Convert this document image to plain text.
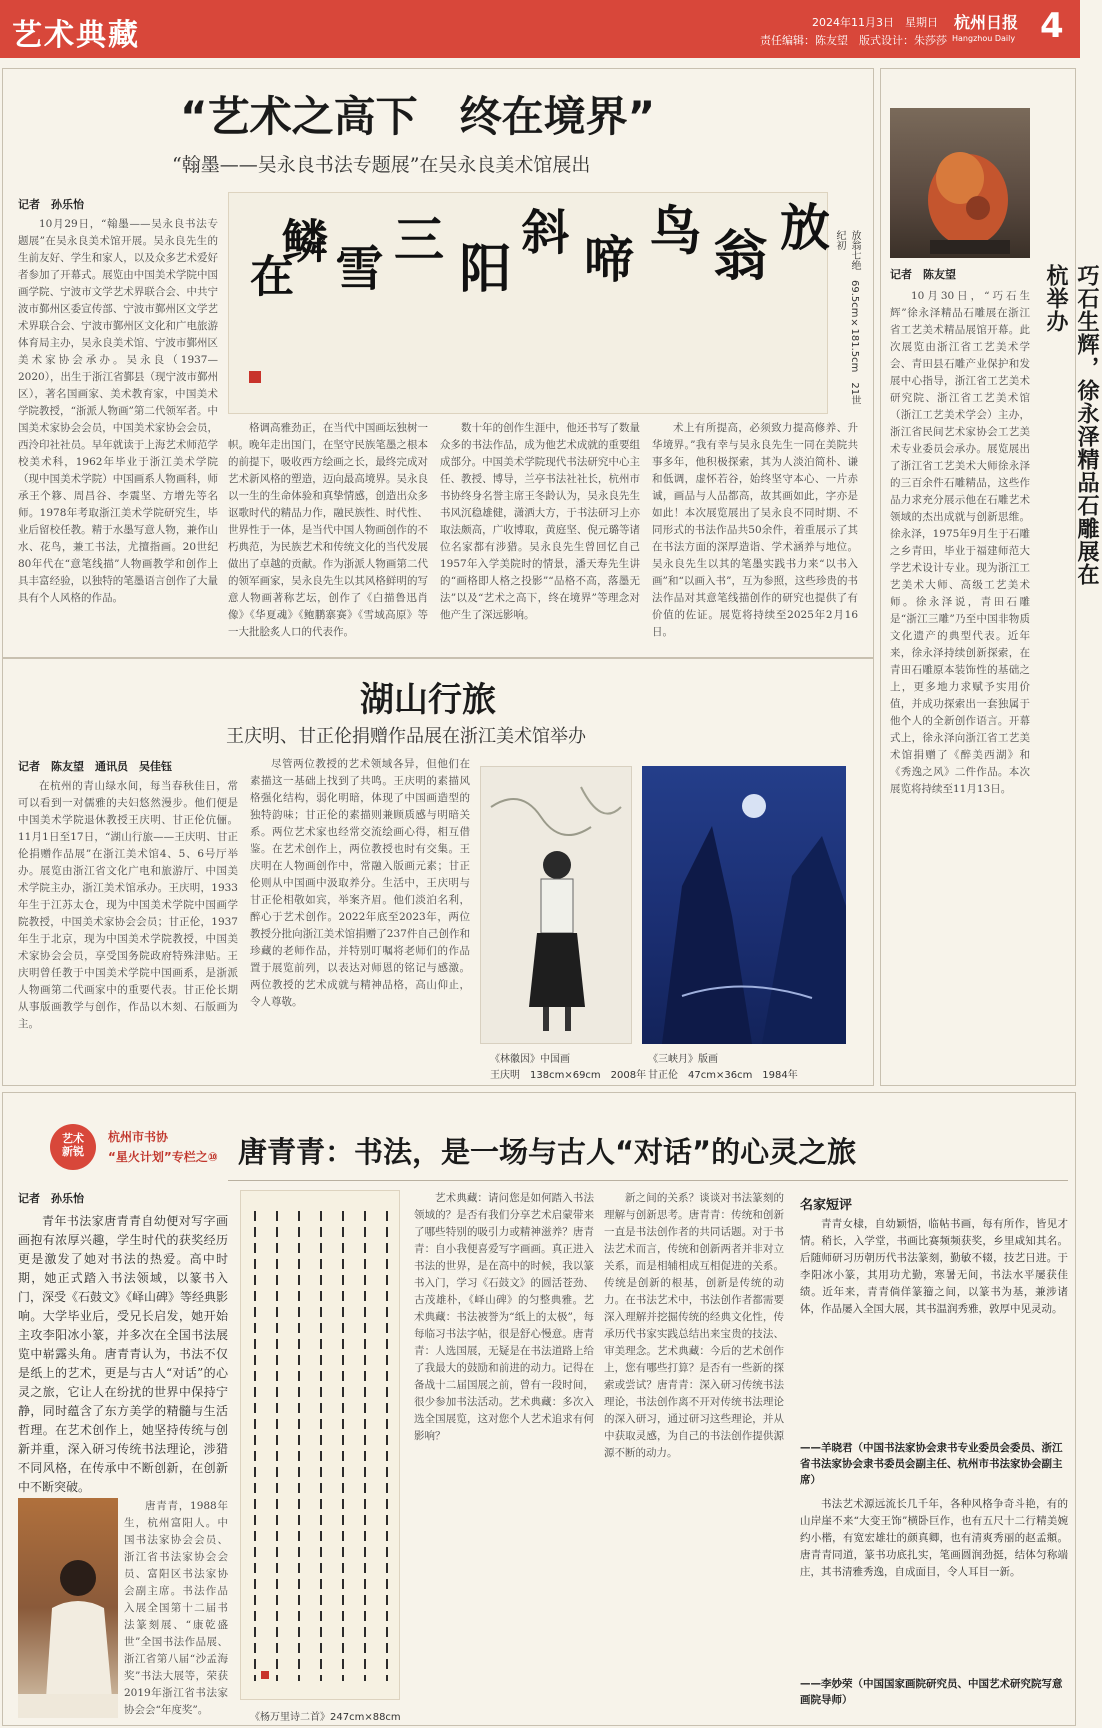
艺术典藏	2024年11月3日　星期日
责任编辑：陈友望　版式设计：朱莎莎
杭州日报
Hangzhou Daily 4
“艺术之高下　终在境界”
“翰墨——吴永良书法专题展”在吴永良美术馆展出
记者　孙乐怡	放
翁
鸟
啼
斜
阳
三
雪
鳞
在	放翁七绝　69.5cm×181.5cm　21世纪初

10月29日，“翰墨——吴永良书法专题展”在吴永良美术馆开展。吴永良先生的生前友好、学生和家人，以及众多艺术爱好者参加了开幕式。展览由中国美术学院中国画学院、宁波市文学艺术界联合会、中共宁波市鄞州区委宣传部、宁波市鄞州区文学艺术界联合会、宁波市鄞州区文化和广电旅游体育局主办，吴永良美术馆、宁波市鄞州区美术家协会承办。吴永良（1937—2020），出生于浙江省鄞县（现宁波市鄞州区），著名国画家、美术教育家，中国美术学院教授，“浙派人物画”第二代领军者。中国美术家协会会员，中国美术家协会会员，西泠印社社员。早年就读于上海艺术师范学校美术科，1962年毕业于浙江美术学院（现中国美术学院）中国画系人物画科，师承王个簃、周昌谷、李震坚、方增先等名师。1978年考取浙江美术学院研究生，毕业后留校任教。精于水墨写意人物，兼作山水、花鸟，兼工书法，尤擅指画。20世纪80年代在“意笔线描”人物画教学和创作上具丰富经验，以独特的笔墨语言创作了大量具有个人风格的作品。

格调高雅劲正，在当代中国画坛独树一帜。晚年走出国门，在坚守民族笔墨之根本的前提下，吸收西方绘画之长，最终完成对艺术新风格的塑造，迈向最高境界。吴永良以一生的生命体验和真挚情感，创造出众多讴歌时代的精品力作，融民族性、时代性、世界性于一体，是当代中国人物画创作的不朽典范，为民族艺术和传统文化的当代发展做出了卓越的贡献。作为浙派人物画第二代的领军画家，吴永良先生以其风格鲜明的写意人物画著称艺坛，创作了《白描鲁迅肖像》《华夏魂》《鲍鹏寨赛》《雪域高原》等一大批脍炙人口的代表作。

数十年的创作生涯中，他还书写了数量众多的书法作品，成为他艺术成就的重要组成部分。中国美术学院现代书法研究中心主任、教授、博导，兰亭书法社社长，杭州市书协终身名誉主席王冬龄认为，吴永良先生书风沉稳雄健，潇洒大方，于书法研习上亦取法颇高，广收博取，黄庭坚、倪元璐等诸位名家都有涉猎。吴永良先生曾回忆自己1957年入学美院时的情景，潘天寿先生讲的“画格即人格之投影”“品格不高，落墨无法”以及“艺术之高下，终在境界”等理念对他产生了深远影响。

术上有所提高，必须致力提高修养、升华境界。”我有幸与吴永良先生一同在美院共事多年，他积极探索，其为人淡泊简朴、谦和低调，虚怀若谷，始终坚守本心、一片赤诚，画品与人品都高，故其画如此，字亦是如此！本次展览展出了吴永良不同时期、不同形式的书法作品共50余件，着重展示了其在书法方面的深厚造诣、学术涵养与地位。吴永良先生以其的笔墨实践书力来“以书入画”和“以画入书”，互为参照，这些珍贵的书法作品对其意笔线描创作的研究也提供了有价值的佐证。展览将持续至2025年2月16日。

巧石生辉，徐永泽精品石雕展在杭举办
记者　陈友望

10月30日，“巧石生辉”徐永泽精品石雕展在浙江省工艺美术精品展馆开幕。此次展览由浙江省工艺美术学会、青田县石雕产业保护和发展中心指导，浙江省工艺美术研究院、浙江省工艺美术馆（浙江工艺美术学会）主办，浙江省民间艺术家协会工艺美术专业委员会承办。展览展出了浙江省工艺美术大师徐永泽的三百余件石雕精品，这些作品力求充分展示他在石雕艺术领域的杰出成就与创新思维。徐永泽，1975年9月生于石雕之乡青田，毕业于福建师范大学艺术设计专业。现为浙江工艺美术大师、高级工艺美术师。徐永泽说，青田石雕是“浙江三雕”乃至中国非物质文化遗产的典型代表。近年来，徐永泽持续创新探索，在青田石雕原本装饰性的基础之上，更多地力求赋予实用价值，并成功探索出一套独属于他个人的全新创作语言。开幕式上，徐永泽向浙江省工艺美术馆捐赠了《醉美西湖》和《秀逸之风》二件作品。本次展览将持续至11月13日。

湖山行旅
王庆明、甘正伦捐赠作品展在浙江美术馆举办
记者　陈友望　通讯员　吴佳钰

在杭州的青山绿水间，每当春秋佳日，常可以看到一对儒雅的夫妇悠然漫步。他们便是中国美术学院退休教授王庆明、甘正伦伉俪。11月1日至17日，“湖山行旅——王庆明、甘正伦捐赠作品展”在浙江美术馆4、5、6号厅举办。展览由浙江省文化广电和旅游厅、中国美术学院主办，浙江美术馆承办。王庆明，1933年生于江苏太仓，现为中国美术学院中国画学院教授，中国美术家协会会员；甘正伦，1937年生于北京，现为中国美术学院教授，中国美术家协会会员，享受国务院政府特殊津贴。王庆明曾任教于中国美术学院中国画系，是浙派人物画第二代画家中的重要代表。甘正伦长期从事版画教学与创作，作品以木刻、石版画为主。

尽管两位教授的艺术领域各异，但他们在素描这一基础上找到了共鸣。王庆明的素描风格强化结构，弱化明暗，体现了中国画造型的独特韵味；甘正伦的素描则兼顾质感与明暗关系。两位艺术家也经常交流绘画心得，相互借鉴。在艺术创作上，两位教授也时有交集。王庆明在人物画创作中，常融入版画元素；甘正伦则从中国画中汲取养分。生活中，王庆明与甘正伦相敬如宾，举案齐眉。他们淡泊名利，醉心于艺术创作。2022年底至2023年，两位教授分批向浙江美术馆捐赠了237件自己创作和珍藏的老师作品，并特别叮嘱将老师们的作品置于展览前列，以表达对师恩的铭记与感激。两位教授的艺术成就与精神品格，高山仰止，令人尊敬。

《林徽因》中国画
王庆明　138cm×69cm　2008年
《三峡月》版画
甘正伦　47cm×36cm　1984年
艺术
新锐
杭州市书协
“星火计划”专栏之⑩ 唐青青：书法，是一场与古人“对话”的心灵之旅
记者　孙乐怡

青年书法家唐青青自幼便对写字画画抱有浓厚兴趣，学生时代的获奖经历更是激发了她对书法的热爱。高中时期，她正式踏入书法领域，以篆书入门，深受《石鼓文》《峄山碑》等经典影响。大学毕业后，受兄长启发，她开始主攻李阳冰小篆，并多次在全国书法展览中崭露头角。唐青青认为，书法不仅是纸上的艺术，更是与古人“对话”的心灵之旅，它让人在纷扰的世界中保持宁静，同时蕴含了东方美学的精髓与生活哲理。在艺术创作上，她坚持传统与创新并重，深入研习传统书法理论，涉猎不同风格，在传承中不断创新，在创新中不断突破。

唐青青，1988年生，杭州富阳人。中国书法家协会会员、浙江省书法家协会会员、富阳区书法家协会副主席。书法作品入展全国第十二届书法篆刻展、“康乾盛世”全国书法作品展、浙江省第八届“沙孟海奖”书法大展等，荣获2019年浙江省书法家协会会“年度奖”。

《杨万里诗二首》247cm×88cm

艺术典藏：请问您是如何踏入书法领域的？是否有我们分享艺术启蒙带来了哪些特别的吸引力或精神滋养？唐青青：自小我便喜爱写字画画。真正进入书法的世界，是在高中的时候，我以篆书入门，学习《石鼓文》的圆活苍劲、古茂雄朴，《峄山碑》的匀整典雅。艺术典藏：书法被誉为“纸上的太极”，每每临习书法字帖，很是舒心慢意。唐青青：人选国展，无疑是在书法道路上给了我最大的鼓励和前进的动力。记得在备战十二届国展之前，曾有一段时间，很少参加书法活动。艺术典藏：多次入选全国展览，这对您个人艺术追求有何影响？

新之间的关系？谈谈对书法篆刻的理解与创新思考。唐青青：传统和创新一直是书法创作者的共同话题。对于书法艺术而言，传统和创新两者并非对立关系，而是相辅相成互相促进的关系。传统是创新的根基，创新是传统的动力。在书法艺术中，书法创作者都需要深入理解并挖掘传统的经典文化性，传承历代书家实践总结出来宝贵的技法、审美理念。艺术典藏：今后的艺术创作上，您有哪些打算？是否有一些新的探索或尝试？唐青青：深入研习传统书法理论，书法创作离不开对传统书法理论的深入研习，通过研习这些理论，并从中获取灵感，为自己的书法创作提供源源不断的动力。

名家短评

青青女棣，自幼颖悟，临帖书画，每有所作，皆见才情。稍长，入学堂，书画比赛频频获奖，乡里咸知其名。后随师研习历朝历代书法篆刻，勤敏不辍，技艺日进。于李阳冰小篆，其用功尤勤，寒暑无间，书法水平屡获佳绩。近年来，青青倘佯篆籀之间，以篆书为基，兼涉诸体，作品屡入全国大展，其书温润秀雅，敦厚中见灵动。

——羊晓君（中国书法家协会隶书专业委员会委员、浙江省书法家协会隶书委员会副主任、杭州市书法家协会副主席）

书法艺术源远流长几千年，各种风格争奇斗艳，有的山岸崖不来“大变王饰”横卧巨作，也有五尺十二行精美婉约小楷，有宽宏雄壮的颜真卿，也有清爽秀丽的赵孟頫。唐青青同道，篆书功底扎实，笔画圆润劲挺，结体匀称端庄，其书清雅秀逸，自成面目，令人耳目一新。

——李妙荣（中国国家画院研究员、中国艺术研究院写意画院导师）
